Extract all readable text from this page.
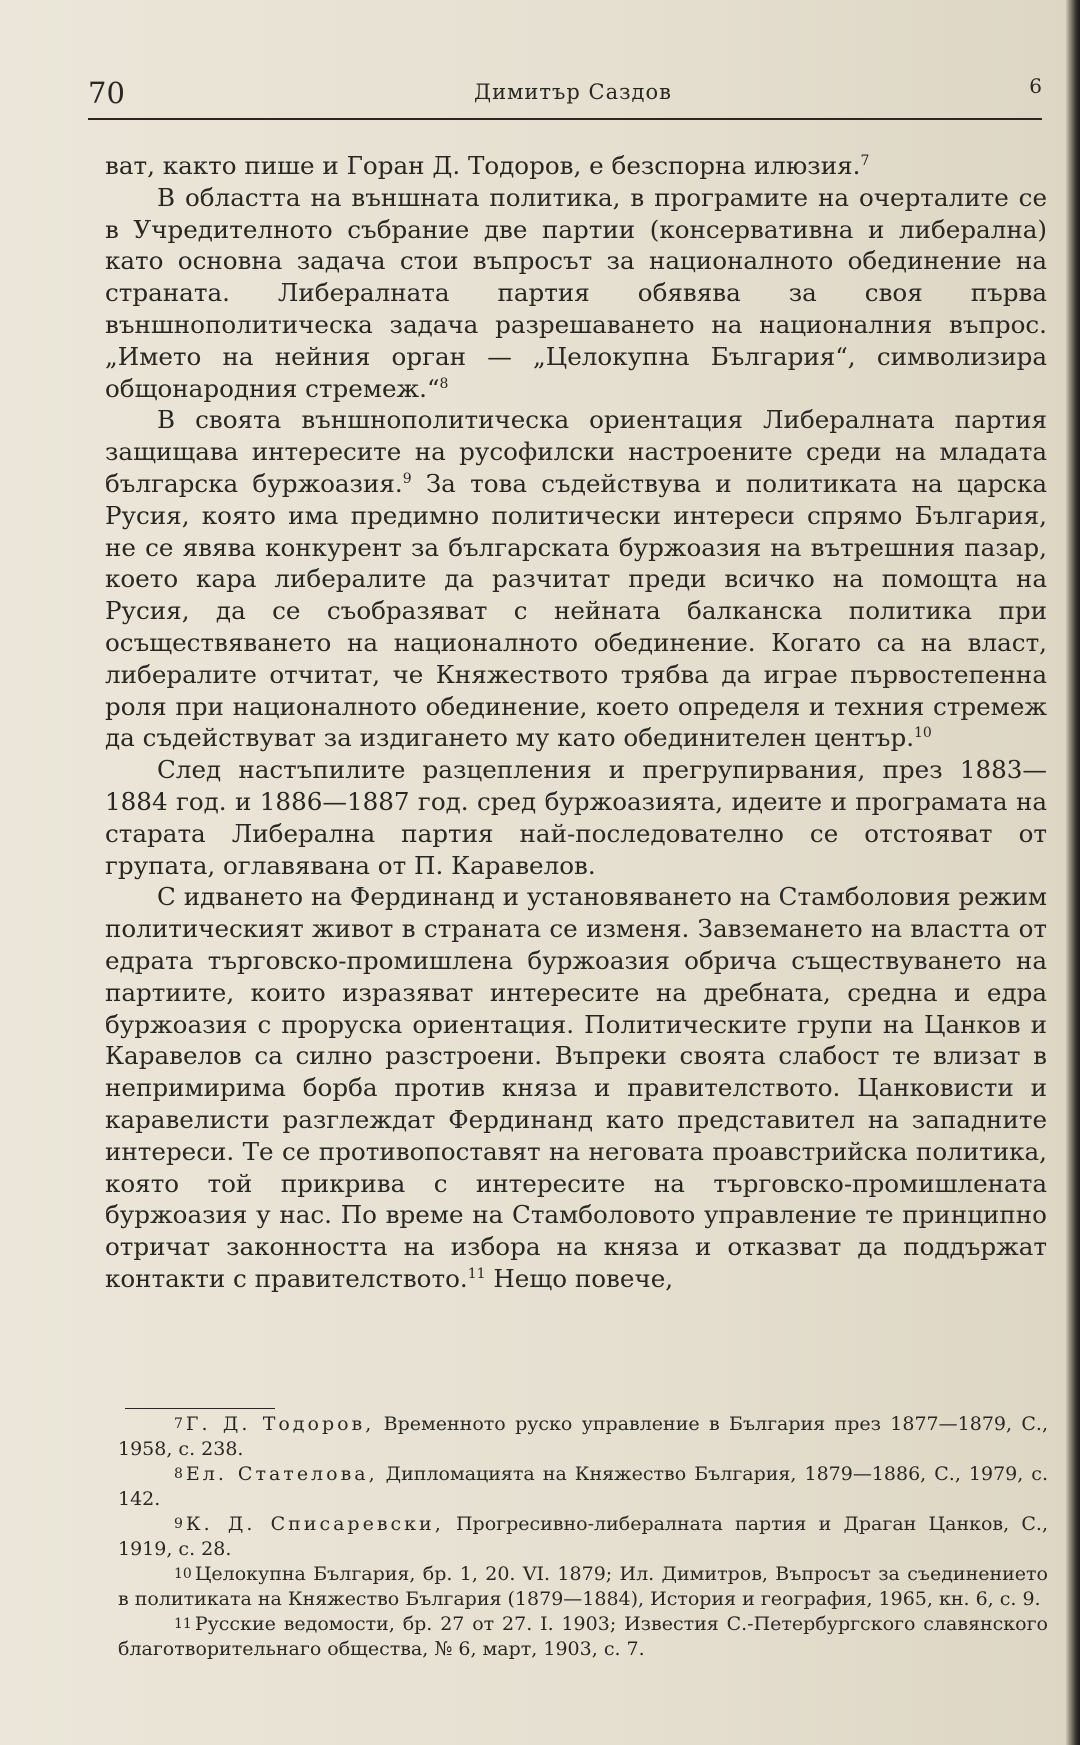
70	Димитър Саздов	6

ват, както пише и Горан Д. Тодоров, е безспорна илюзия.$^7$

В областта на външната политика, в програмите на очерталите се в Учредителното събрание две партии (консервативна и либерална) като основна задача стои въпросът за националното обединение на страната. Либералната партия обявява за своя първа външнополитическа задача разрешаването на националния въпрос. „Името на нейния орган — „Целокупна България“, символизира общонародния стремеж.“$^8$

В своята външнополитическа ориентация Либералната партия защищава интересите на русофилски настроените среди на младата българска буржоазия.$^9$ За това съдействува и политиката на царска Русия, която има предимно политически интереси спрямо България, не се явява конкурент за българската буржоазия на вътрешния пазар, което кара либералите да разчитат преди всичко на помощта на Русия, да се съобразяват с нейната балканска политика при осъществяването на националното обединение. Когато са на власт, либералите отчитат, че Княжеството трябва да играе първостепенна роля при националното обединение, което определя и техния стремеж да съдействуват за издигането му като обединителен център.$^{10}$

След настъпилите разцепления и прегрупирвания, през 1883—1884 год. и 1886—1887 год. сред буржоазията, идеите и програмата на старата Либерална партия най-последователно се отстояват от групата, оглавявана от П. Каравелов.

С идването на Фердинанд и установяването на Стамболовия режим политическият живот в страната се изменя. Завземането на властта от едрата търговско-промишлена буржоазия обрича съществуването на партиите, които изразяват интересите на дребната, средна и едра буржоазия с проруска ориентация. Политическите групи на Цанков и Каравелов са силно разстроени. Въпреки своята слабост те влизат в непримирима борба против княза и правителството. Цанковисти и каравелисти разглеждат Фердинанд като представител на западните интереси. Те се противопоставят на неговата проавстрийска политика, която той прикрива с интересите на търговско-промишлената буржоазия у нас. По време на Стамболовото управление те принципно отричат законността на избора на княза и отказват да поддържат контакти с правителството.$^{11}$ Нещо повече,

7 Г. Д. Тодоров, Временното руско управление в България през 1877—1879, С., 1958, с. 238.

8 Ел. Стателова, Дипломацията на Княжество България, 1879—1886, С., 1979, с. 142.

9 К. Д. Списаревски, Прогресивно-либералната партия и Драган Цанков, С., 1919, с. 28.

10 Целокупна България, бр. 1, 20. VI. 1879; Ил. Димитров, Въпросът за съединението в политиката на Княжество България (1879—1884), История и география, 1965, кн. 6, с. 9.

11 Русские ведомости, бр. 27 от 27. I. 1903; Известия С.-Петербургского славянского благотворительнаго общества, № 6, март, 1903, с. 7.
